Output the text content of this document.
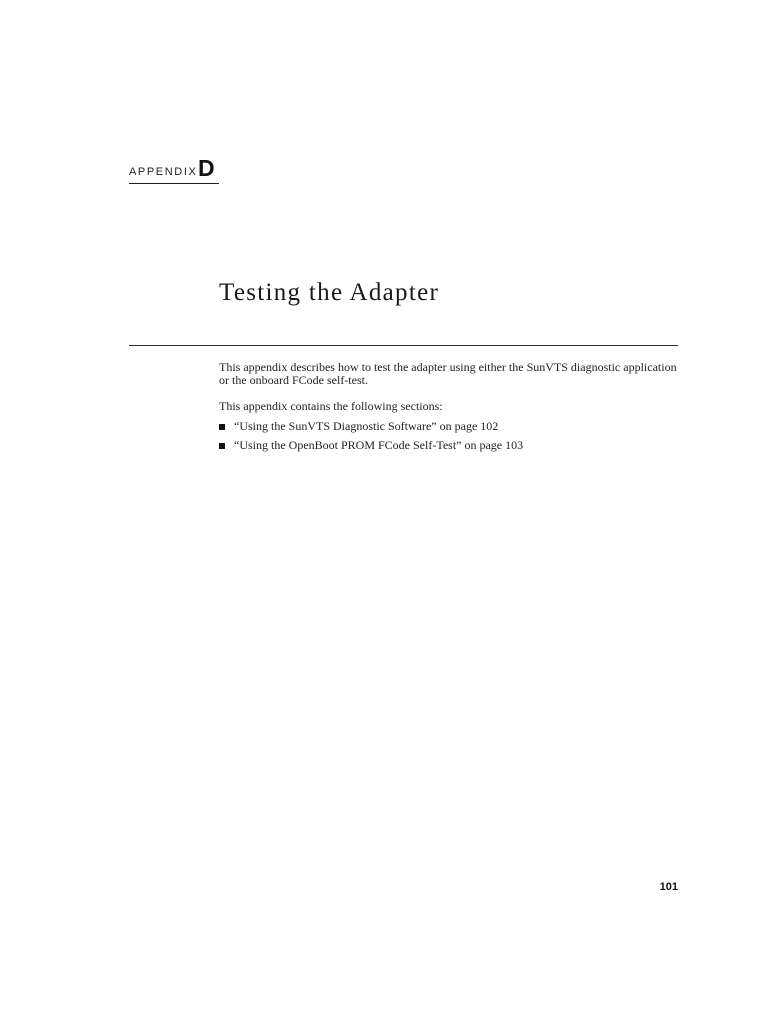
APPENDIX D
Testing the Adapter

This appendix describes how to test the adapter using either the SunVTS diagnostic application or the onboard FCode self-test.

This appendix contains the following sections:

“Using the SunVTS Diagnostic Software” on page 102
“Using the OpenBoot PROM FCode Self-Test” on page 103
101
